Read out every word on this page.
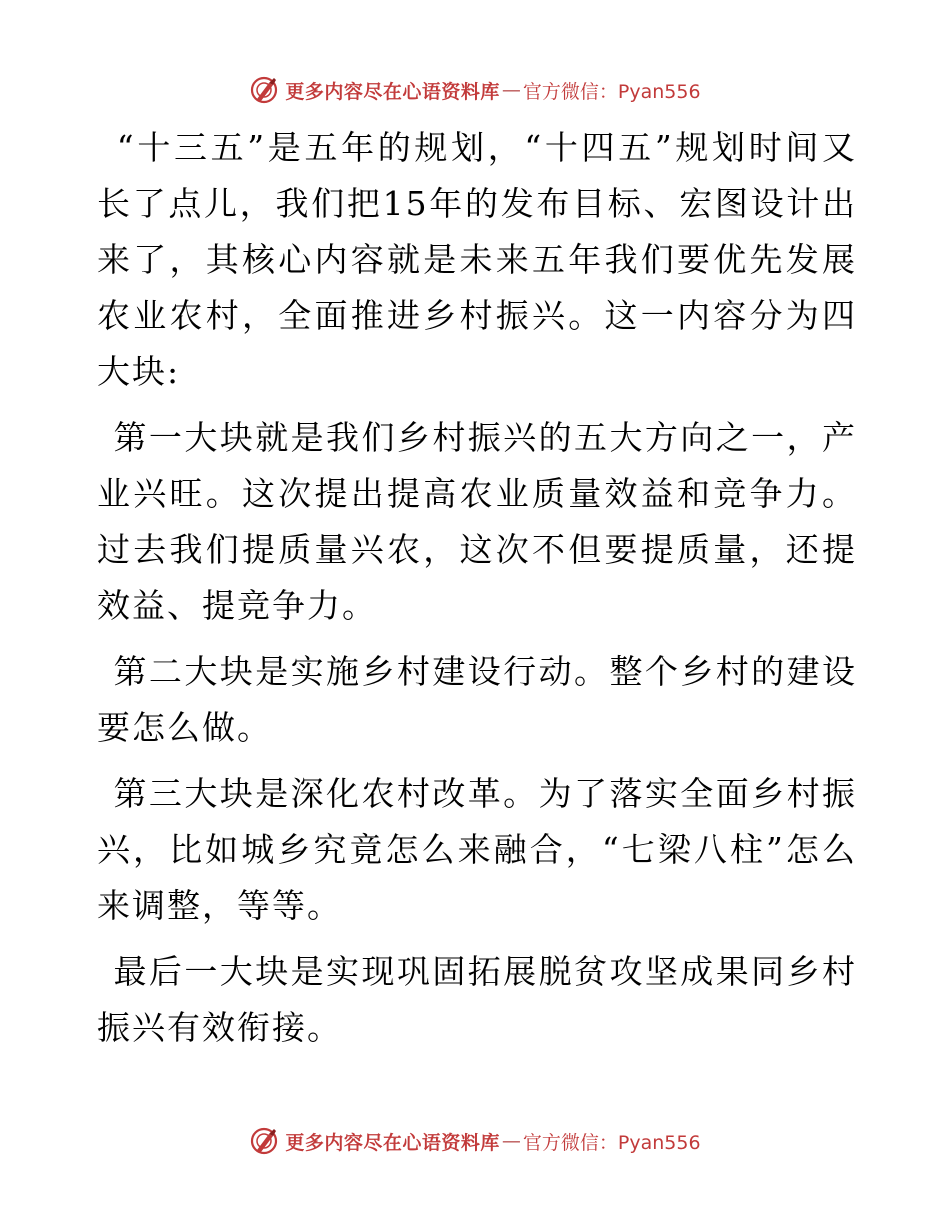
更多内容尽在心语资料库 — 官方微信：Pyan556

“十三五”是五年的规划，“十四五”规划时间又长了点儿，我们把15年的发布目标、宏图设计出来了，其核心内容就是未来五年我们要优先发展农业农村，全面推进乡村振兴。这一内容分为四大块:

第一大块就是我们乡村振兴的五大方向之一，产业兴旺。这次提出提高农业质量效益和竞争力。过去我们提质量兴农，这次不但要提质量，还提效益、提竞争力。

第二大块是实施乡村建设行动。整个乡村的建设要怎么做。

第三大块是深化农村改革。为了落实全面乡村振兴，比如城乡究竟怎么来融合，“七梁八柱”怎么来调整，等等。

最后一大块是实现巩固拓展脱贫攻坚成果同乡村振兴有效衔接。

更多内容尽在心语资料库 — 官方微信：Pyan556
